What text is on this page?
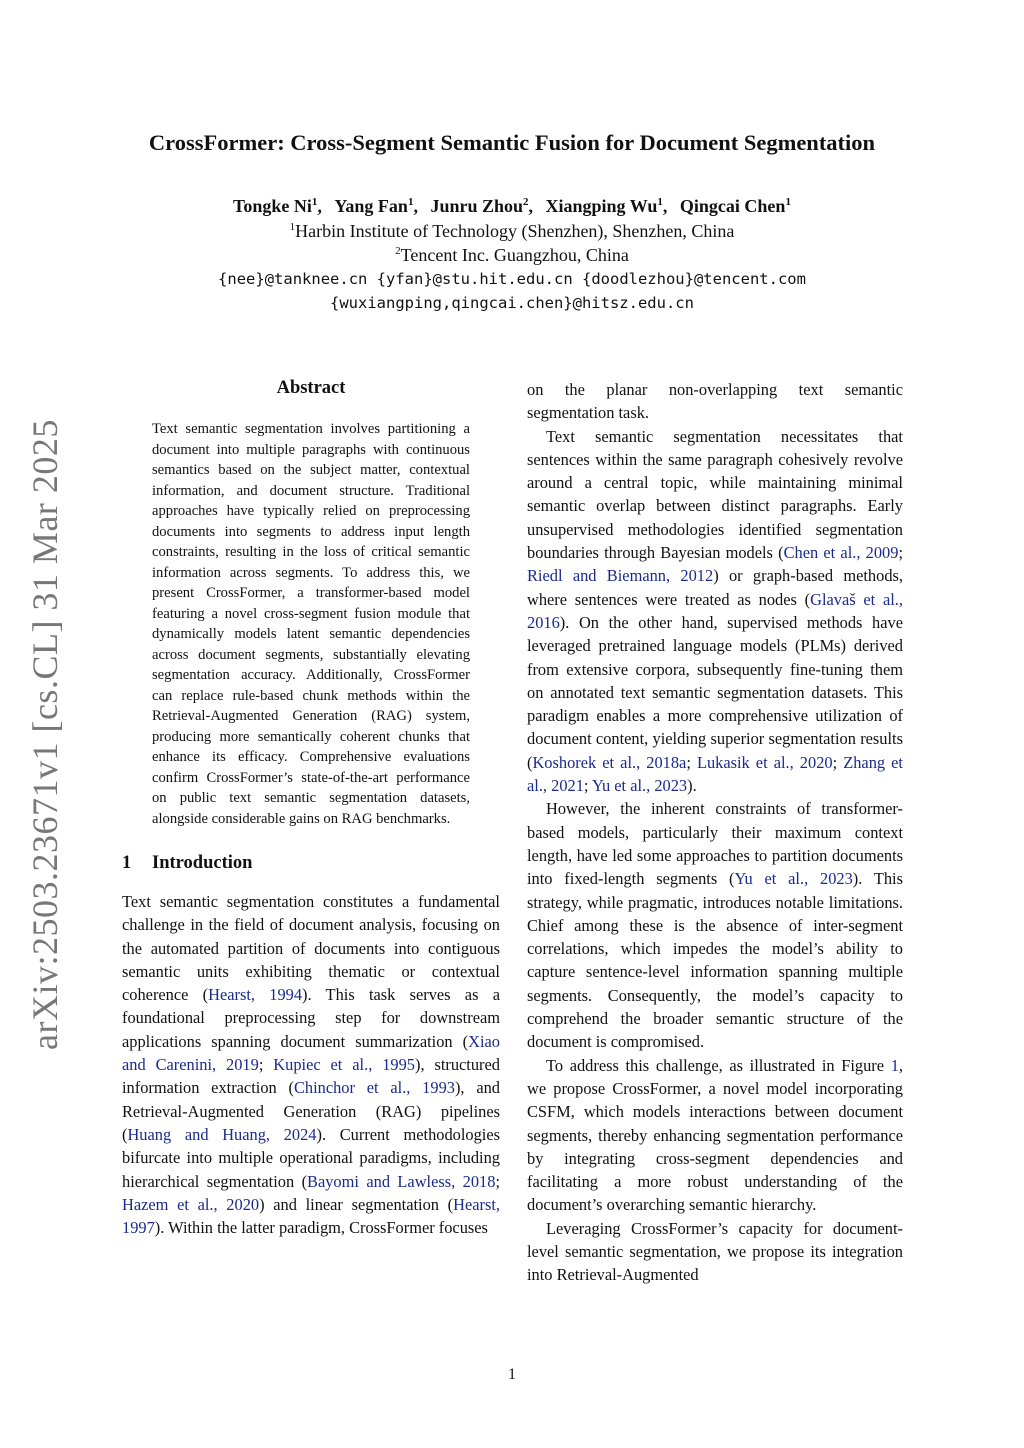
CrossFormer: Cross-Segment Semantic Fusion for Document Segmentation
Tongke Ni$^1$, Yang Fan$^1$, Junru Zhou$^2$, Xiangping Wu$^1$, Qingcai Chen$^1$
$^1$Harbin Institute of Technology (Shenzhen), Shenzhen, China
$^2$Tencent Inc. Guangzhou, China
{nee}@tanknee.cn {yfan}@stu.hit.edu.cn {doodlezhou}@tencent.com
{wuxiangping,qingcai.chen}@hitsz.edu.cn
arXiv:2503.23671v1 [cs.CL] 31 Mar 2025
Abstract
Text semantic segmentation involves partitioning a document into multiple paragraphs with continuous semantics based on the subject matter, contextual information, and document structure. Traditional approaches have typically relied on preprocessing documents into segments to address input length constraints, resulting in the loss of critical semantic information across segments. To address this, we present CrossFormer, a transformer-based model featuring a novel cross-segment fusion module that dynamically models latent semantic dependencies across document segments, substantially elevating segmentation accuracy. Additionally, CrossFormer can replace rule-based chunk methods within the Retrieval-Augmented Generation (RAG) system, producing more semantically coherent chunks that enhance its efficacy. Comprehensive evaluations confirm CrossFormer’s state-of-the-art performance on public text semantic segmentation datasets, alongside considerable gains on RAG benchmarks.
1 Introduction

Text semantic segmentation constitutes a fundamental challenge in the field of document analysis, focusing on the automated partition of documents into contiguous semantic units exhibiting thematic or contextual coherence (Hearst, 1994). This task serves as a foundational preprocessing step for downstream applications spanning document summarization (Xiao and Carenini, 2019; Kupiec et al., 1995), structured information extraction (Chinchor et al., 1993), and Retrieval-Augmented Generation (RAG) pipelines (Huang and Huang, 2024). Current methodologies bifurcate into multiple operational paradigms, including hierarchical segmentation (Bayomi and Lawless, 2018; Hazem et al., 2020) and linear segmentation (Hearst, 1997). Within the latter paradigm, CrossFormer focuses

on the planar non-overlapping text semantic segmentation task.

Text semantic segmentation necessitates that sentences within the same paragraph cohesively revolve around a central topic, while maintaining minimal semantic overlap between distinct paragraphs. Early unsupervised methodologies identified segmentation boundaries through Bayesian models (Chen et al., 2009; Riedl and Biemann, 2012) or graph-based methods, where sentences were treated as nodes (Glavaš et al., 2016). On the other hand, supervised methods have leveraged pretrained language models (PLMs) derived from extensive corpora, subsequently fine-tuning them on annotated text semantic segmentation datasets. This paradigm enables a more comprehensive utilization of document content, yielding superior segmentation results (Koshorek et al., 2018a; Lukasik et al., 2020; Zhang et al., 2021; Yu et al., 2023).

However, the inherent constraints of transformer-based models, particularly their maximum context length, have led some approaches to partition documents into fixed-length segments (Yu et al., 2023). This strategy, while pragmatic, introduces notable limitations. Chief among these is the absence of inter-segment correlations, which impedes the model’s ability to capture sentence-level information spanning multiple segments. Consequently, the model’s capacity to comprehend the broader semantic structure of the document is compromised.

To address this challenge, as illustrated in Figure 1, we propose CrossFormer, a novel model incorporating CSFM, which models interactions between document segments, thereby enhancing segmentation performance by integrating cross-segment dependencies and facilitating a more robust understanding of the document’s overarching semantic hierarchy.

Leveraging CrossFormer’s capacity for document-level semantic segmentation, we propose its integration into Retrieval-Augmented

1
